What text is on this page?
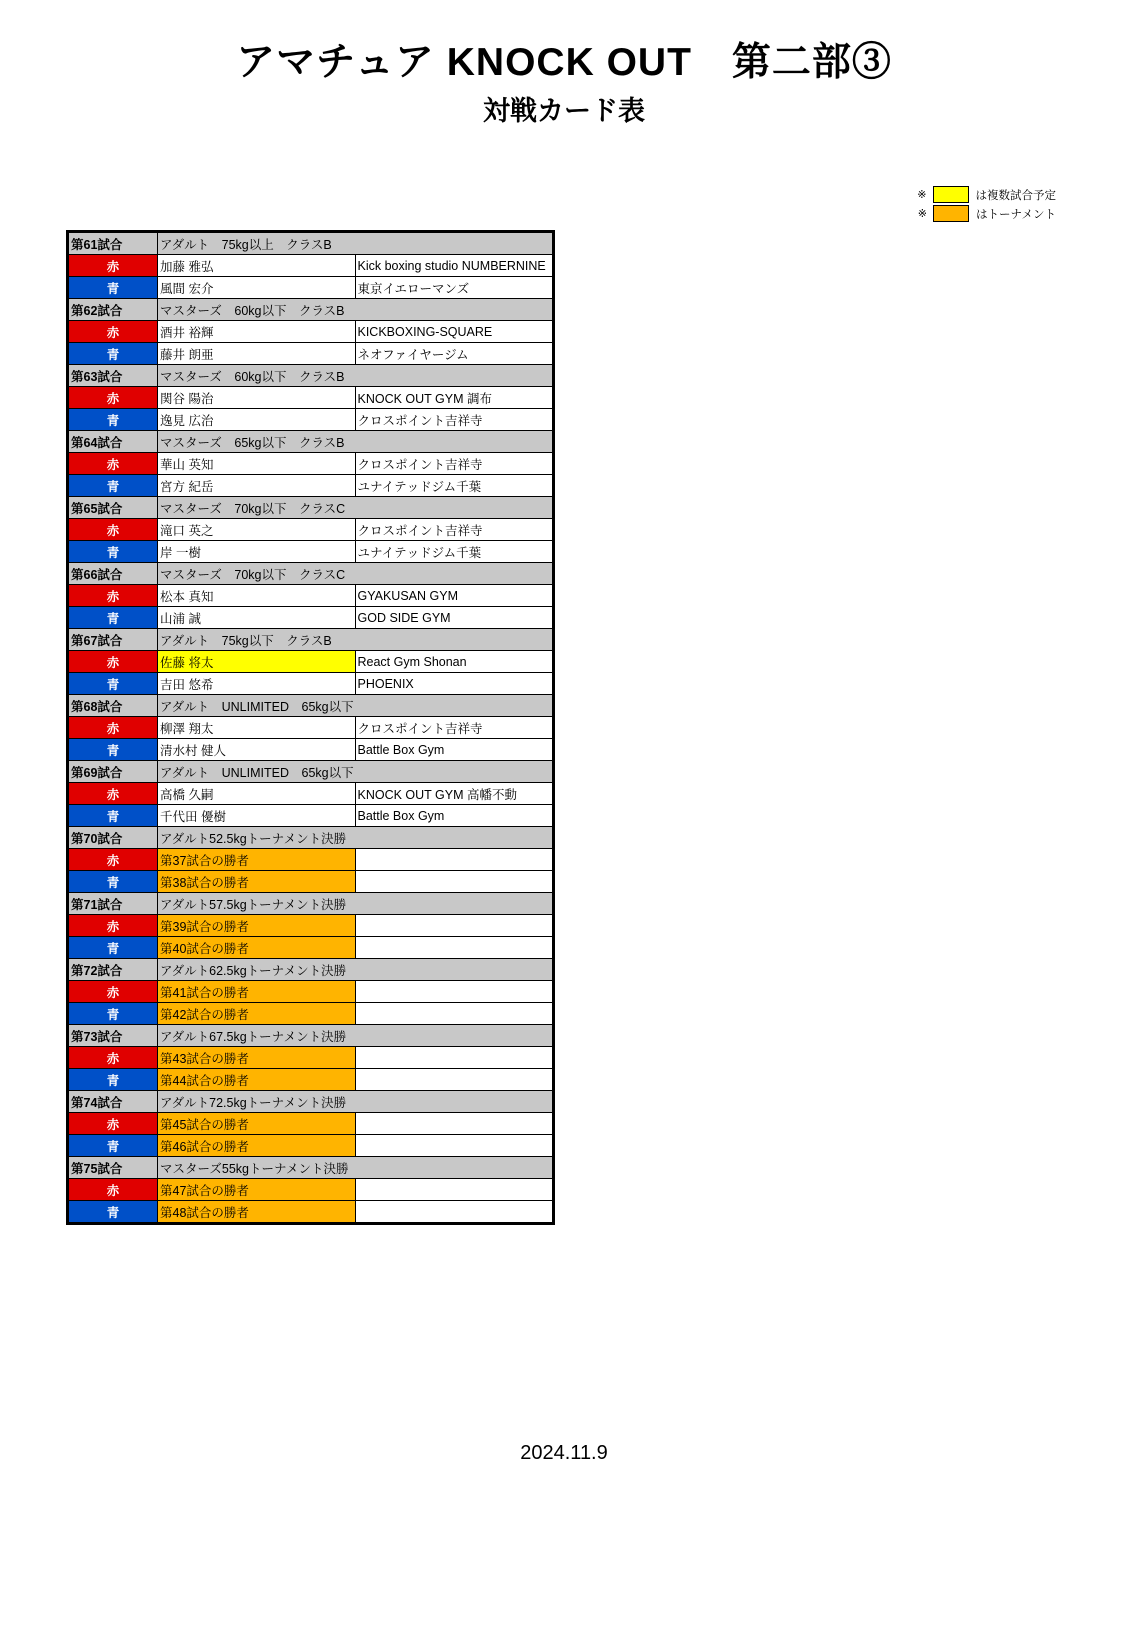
アマチュア KNOCK OUT　第二部③
対戦カード表
※	は複数試合予定
※	はトーナメント
第61試合	アダルト　75kg以上　クラスB	
赤	加藤 雅弘	Kick boxing studio NUMBERNINE
青	風間 宏介	東京イエローマンズ
第62試合	マスターズ　60kg以下　クラスB	
赤	酒井 裕輝	KICKBOXING-SQUARE
青	藤井 朗亜	ネオファイヤージム
第63試合	マスターズ　60kg以下　クラスB	
赤	関谷 陽治	KNOCK OUT GYM 調布
青	逸見 広治	クロスポイント吉祥寺
第64試合	マスターズ　65kg以下　クラスB	
赤	華山 英知	クロスポイント吉祥寺
青	宮方 紀岳	ユナイテッドジム千葉
第65試合	マスターズ　70kg以下　クラスC	
赤	滝口 英之	クロスポイント吉祥寺
青	岸 一樹	ユナイテッドジム千葉
第66試合	マスターズ　70kg以下　クラスC	
赤	松本 真知	GYAKUSAN GYM
青	山浦 誠	GOD SIDE GYM
第67試合	アダルト　75kg以下　クラスB	
赤	佐藤 将太	React Gym Shonan
青	吉田 悠希	PHOENIX
第68試合	アダルト　UNLIMITED　65kg以下	
赤	柳澤 翔太	クロスポイント吉祥寺
青	清水村 健人	Battle Box Gym
第69試合	アダルト　UNLIMITED　65kg以下	
赤	高橋 久嗣	KNOCK OUT GYM 高幡不動
青	千代田 優樹	Battle Box Gym
第70試合	アダルト52.5kgトーナメント決勝	
赤	第37試合の勝者	
青	第38試合の勝者	
第71試合	アダルト57.5kgトーナメント決勝	
赤	第39試合の勝者	
青	第40試合の勝者	
第72試合	アダルト62.5kgトーナメント決勝	
赤	第41試合の勝者	
青	第42試合の勝者	
第73試合	アダルト67.5kgトーナメント決勝	
赤	第43試合の勝者	
青	第44試合の勝者	
第74試合	アダルト72.5kgトーナメント決勝	
赤	第45試合の勝者	
青	第46試合の勝者	
第75試合	マスターズ55kgトーナメント決勝	
赤	第47試合の勝者	
青	第48試合の勝者	
2024.11.9
